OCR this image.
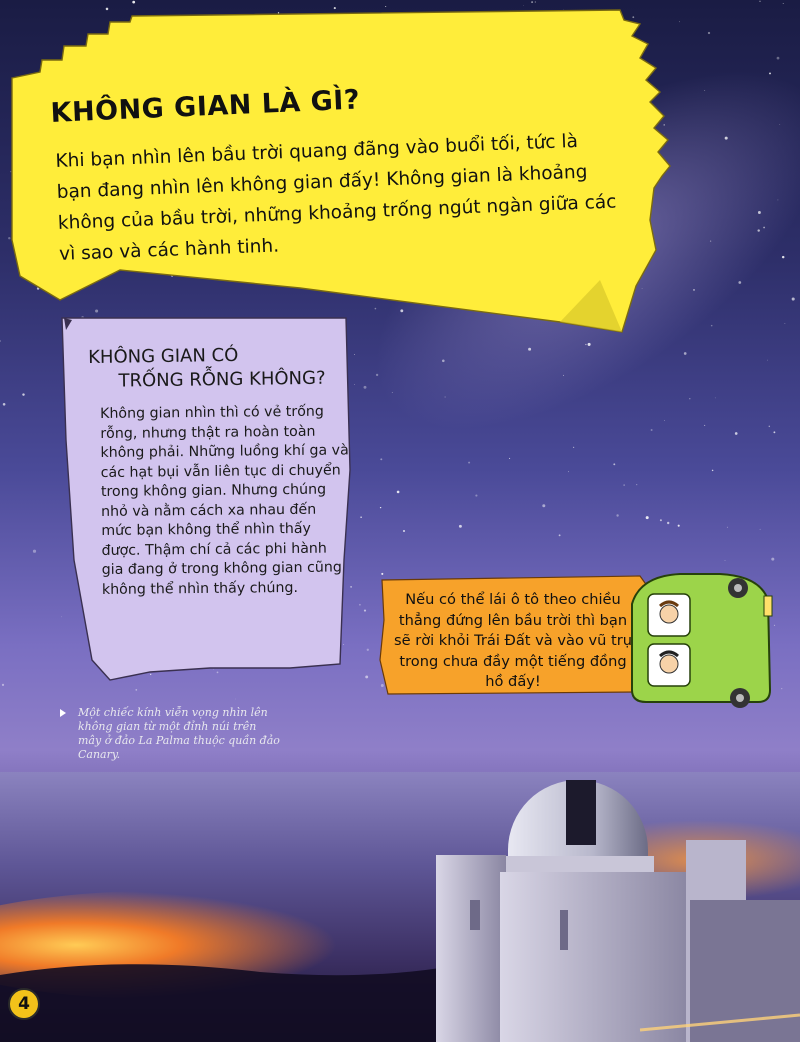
KHÔNG GIAN LÀ GÌ?
Khi bạn nhìn lên bầu trời quang đãng vào buổi tối, tức là bạn đang nhìn lên không gian đấy! Không gian là khoảng không của bầu trời, những khoảng trống ngút ngàn giữa các vì sao và các hành tinh.
KHÔNG GIAN CÓ
TRỐNG RỖNG KHÔNG?
Không gian nhìn thì có vẻ trống rỗng, nhưng thật ra hoàn toàn không phải. Những luồng khí ga và các hạt bụi vẫn liên tục di chuyển trong không gian. Nhưng chúng nhỏ và nằm cách xa nhau đến mức bạn không thể nhìn thấy được. Thậm chí cả các phi hành gia đang ở trong không gian cũng không thể nhìn thấy chúng.
Nếu có thể lái ô tô theo chiều thẳng đứng lên bầu trời thì bạn sẽ rời khỏi Trái Đất và vào vũ trụ trong chưa đầy một tiếng đồng hồ đấy!
Một chiếc kính viễn vọng nhìn lên không gian từ một đỉnh núi trên mây ở đảo La Palma thuộc quần đảo Canary.
4
